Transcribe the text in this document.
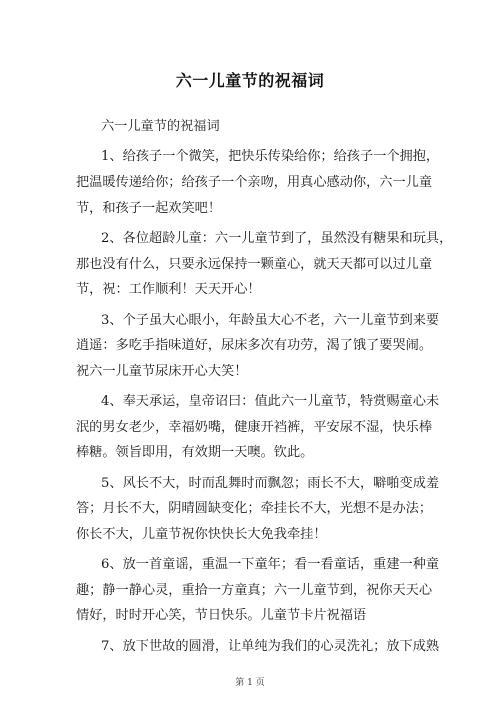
六一儿童节的祝福词
六一儿童节的祝福词
1、给孩子一个微笑，把快乐传染给你；给孩子一个拥抱，
把温暖传递给你；给孩子一个亲吻，用真心感动你，六一儿童
节，和孩子一起欢笑吧！
2、各位超龄儿童：六一儿童节到了，虽然没有糖果和玩具，
那也没有什么，只要永远保持一颗童心，就天天都可以过儿童
节，祝：工作顺利！天天开心！
3、个子虽大心眼小，年龄虽大心不老，六一儿童节到来要
逍遥：多吃手指味道好，尿床多次有功劳，渴了饿了要哭闹。
祝六一儿童节尿床开心大笑！
4、奉天承运，皇帝诏曰：值此六一儿童节，特赏赐童心未
泯的男女老少，幸福奶嘴，健康开裆裤，平安尿不湿，快乐棒
棒糖。领旨即用，有效期一天噢。钦此。
5、风长不大，时而乱舞时而飘忽；雨长不大，噼啪变成羞
答；月长不大，阴晴圆缺变化；牵挂长不大，光想不是办法；
你长不大，儿童节祝你快快长大免我牵挂！
6、放一首童谣，重温一下童年；看一看童话，重建一种童
趣；静一静心灵，重拾一方童真；六一儿童节到，祝你天天心
情好，时时开心笑，节日快乐。儿童节卡片祝福语
7、放下世故的圆滑，让单纯为我们的心灵洗礼；放下成熟
第 1 页
